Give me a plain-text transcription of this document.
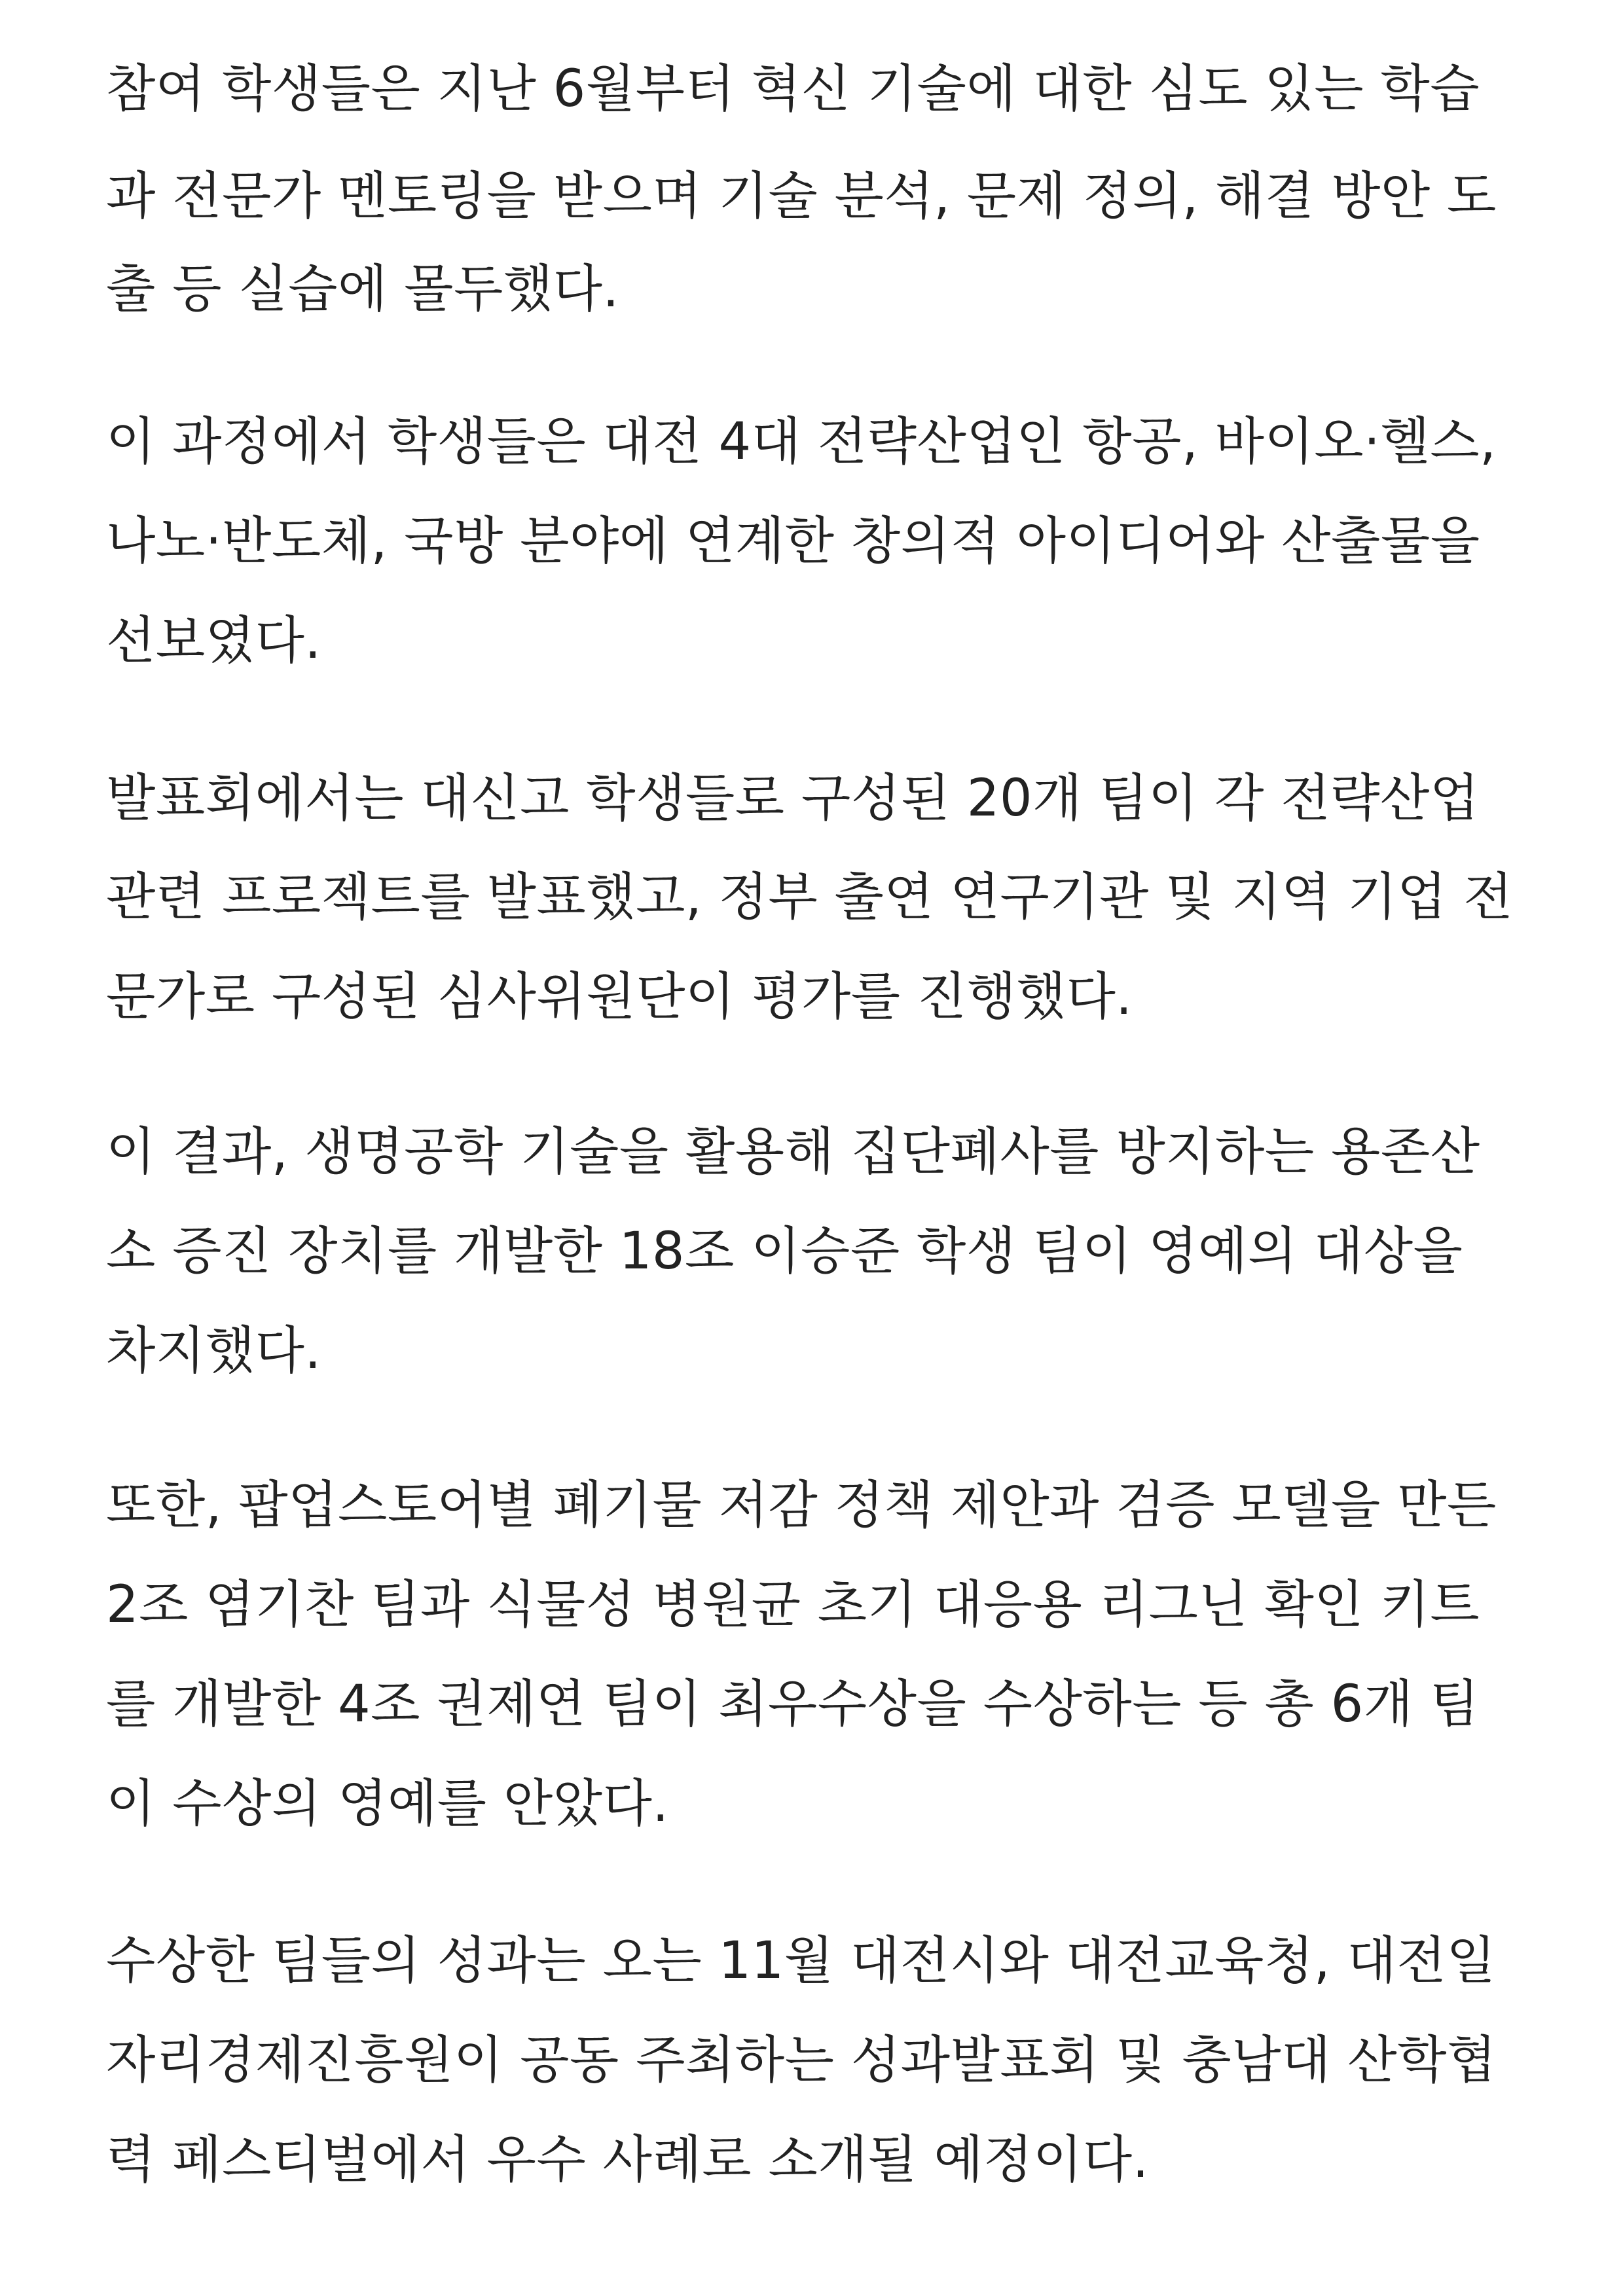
참여 학생들은 지난 6월부터 혁신 기술에 대한 심도 있는 학습
과 전문가 멘토링을 받으며 기술 분석, 문제 정의, 해결 방안 도
출 등 실습에 몰두했다.
이 과정에서 학생들은 대전 4대 전략산업인 항공, 바이오·헬스,
나노·반도체, 국방 분야에 연계한 창의적 아이디어와 산출물을
선보였다.
발표회에서는 대신고 학생들로 구성된 20개 팀이 각 전략산업
관련 프로젝트를 발표했고, 정부 출연 연구기관 및 지역 기업 전
문가로 구성된 심사위원단이 평가를 진행했다.
이 결과, 생명공학 기술을 활용해 집단폐사를 방지하는 용존산
소 증진 장치를 개발한 18조 이승준 학생 팀이 영예의 대상을
차지했다.
또한, 팝업스토어별 폐기물 저감 정책 제안과 검증 모델을 만든
2조 염기찬 팀과 식물성 병원균 초기 대응용 리그닌 확인 키트
를 개발한 4조 권제연 팀이 최우수상을 수상하는 등 총 6개 팀
이 수상의 영예를 안았다.
수상한 팀들의 성과는 오는 11월 대전시와 대전교육청, 대전일
자리경제진흥원이 공동 주최하는 성과발표회 및 충남대 산학협
력 페스티벌에서 우수 사례로 소개될 예정이다.
